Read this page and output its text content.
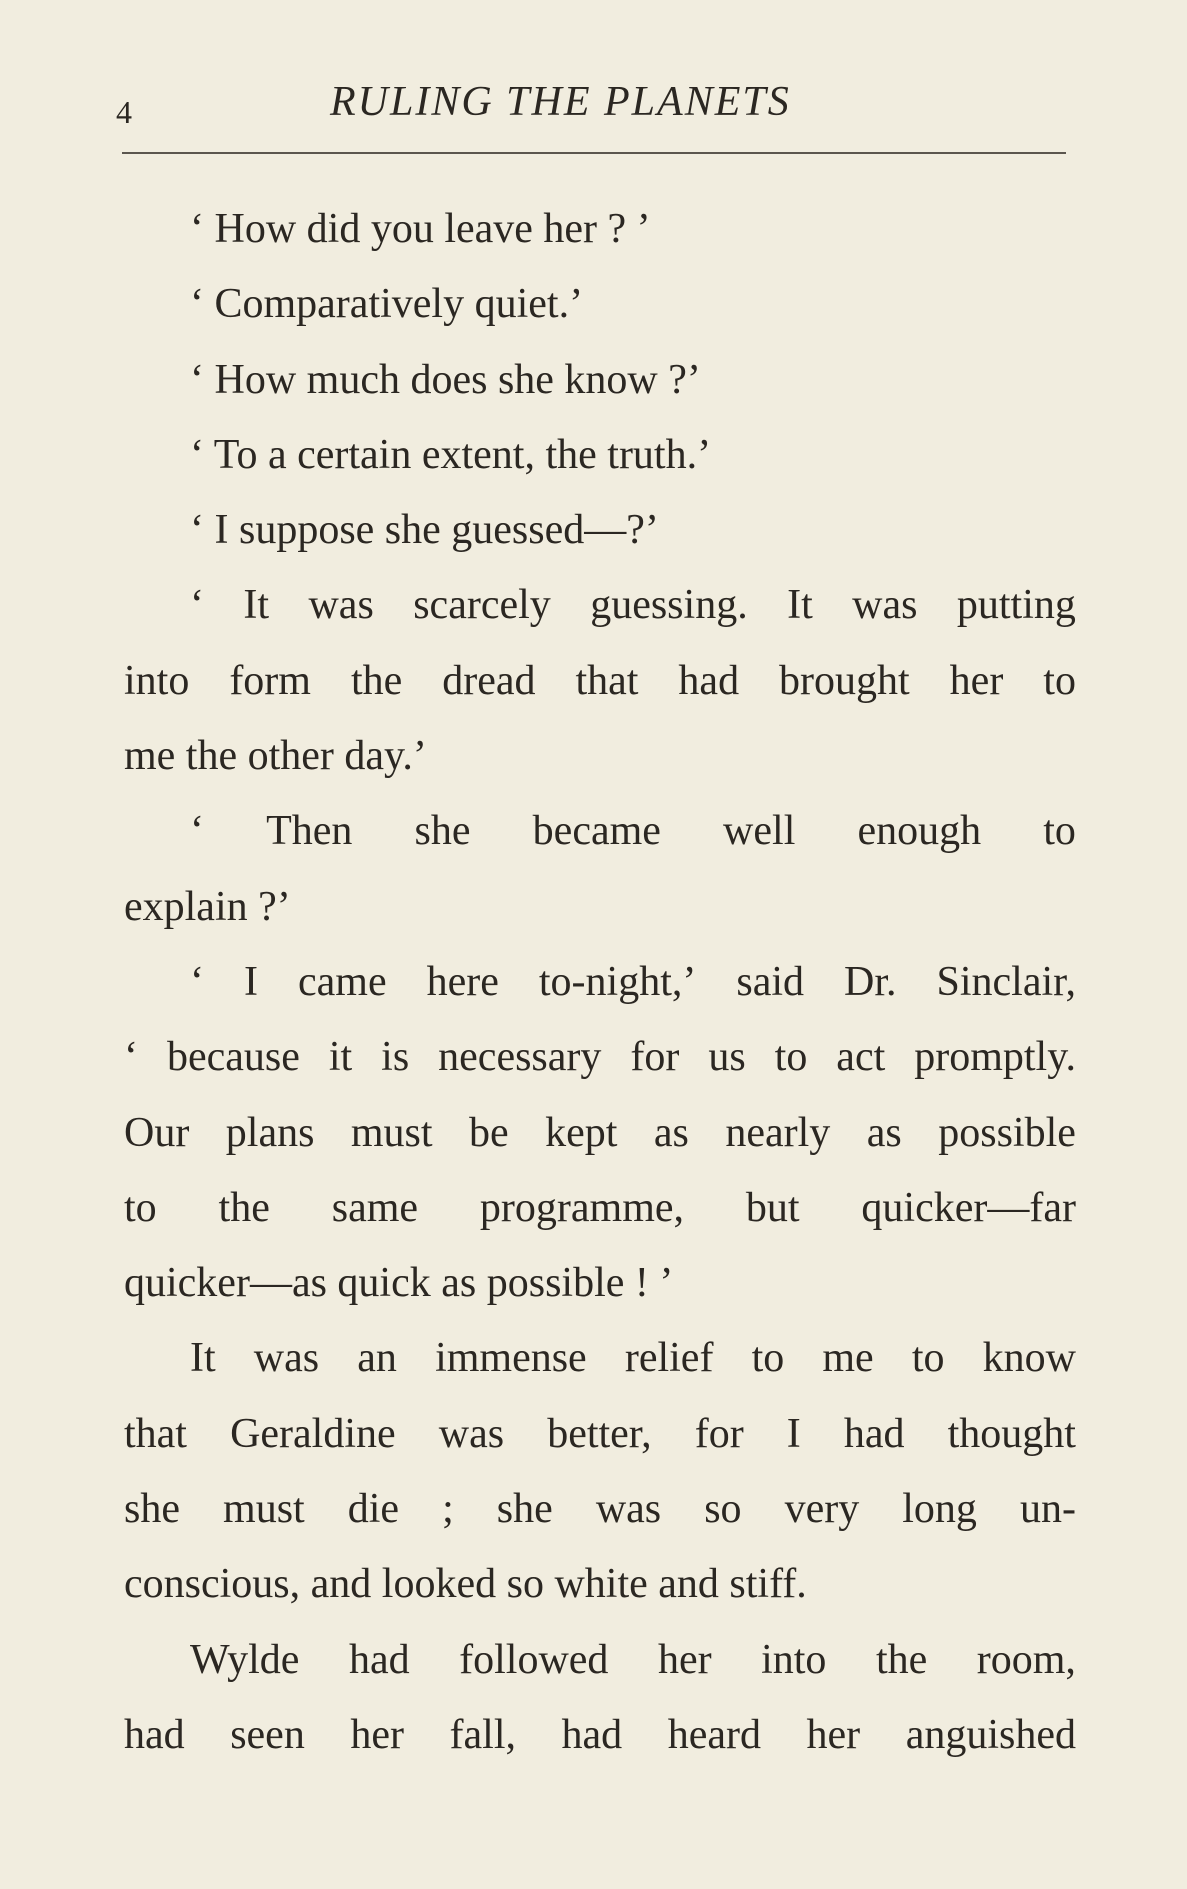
4	RULING THE PLANETS
‘ How did you leave her ? ’
‘ Comparatively quiet.’
‘ How much does she know ?’
‘ To a certain extent, the truth.’
‘ I suppose she guessed—?’
‘ It was scarcely guessing. It was putting
into form the dread that had brought her to
me the other day.’
‘ Then she became well enough to
explain ?’
‘ I came here to-night,’ said Dr. Sinclair,
‘ because it is necessary for us to act promptly.
Our plans must be kept as nearly as possible
to the same programme, but quicker—far
quicker—as quick as possible ! ’
It was an immense relief to me to know
that Geraldine was better, for I had thought
she must die ; she was so very long un-
conscious, and looked so white and stiff.
Wylde had followed her into the room,
had seen her fall, had heard her anguished
